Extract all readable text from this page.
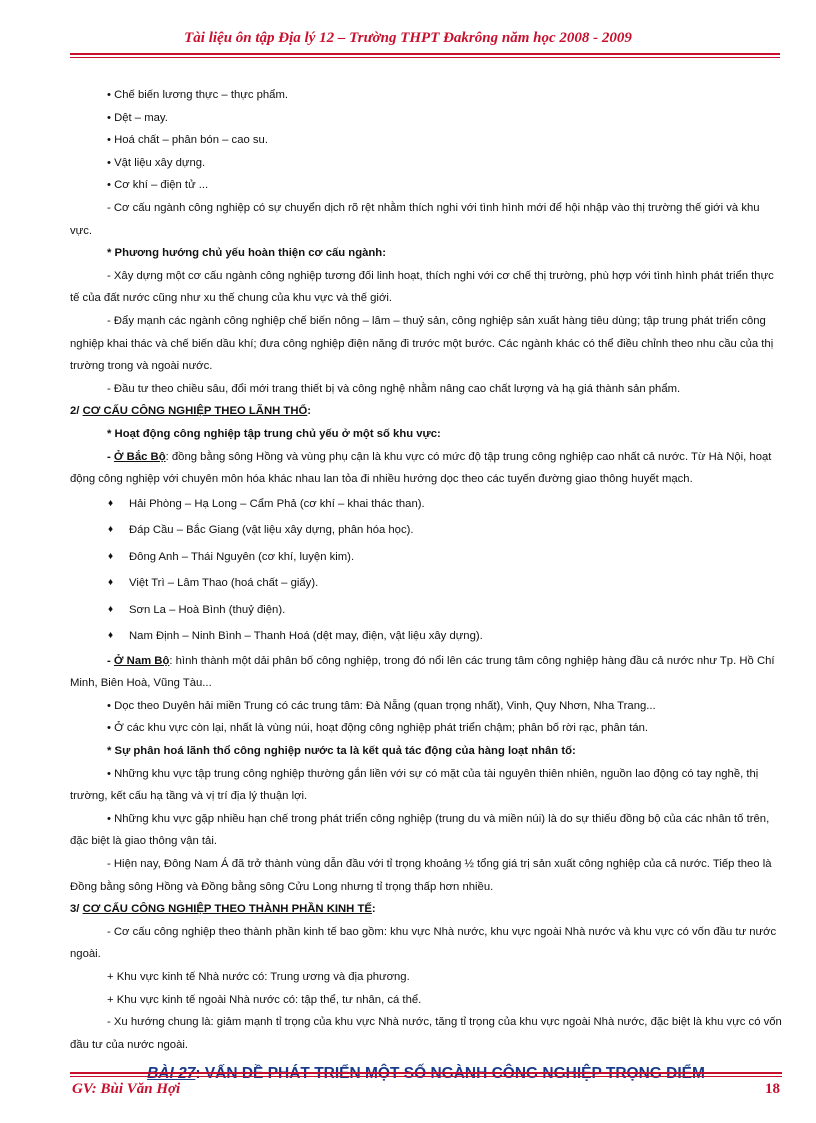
Tài liệu ôn tập Địa lý 12 – Trường THPT Đakrông năm học 2008 - 2009

• Chế biến lương thực – thực phẩm.

• Dệt – may.

• Hoá chất – phân bón – cao su.

• Vật liệu xây dựng.

• Cơ khí – điện tử ...

- Cơ cấu ngành công nghiệp có sự chuyển dịch rõ rệt nhằm thích nghi với tình hình mới để hội nhập vào thị trường thế giới và khu vực.

* Phương hướng chủ yếu hoàn thiện cơ cấu ngành:

- Xây dựng một cơ cấu ngành công nghiệp tương đối linh hoạt, thích nghi với cơ chế thị trường, phù hợp với tình hình phát triển thực tế của đất nước cũng như xu thế chung của khu vực và thế giới.

- Đẩy mạnh các ngành công nghiệp chế biến nông – lâm – thuỷ sản, công nghiệp sản xuất hàng tiêu dùng; tập trung phát triển công nghiệp khai thác và chế biến dầu khí; đưa công nghiệp điện năng đi trước một bước. Các ngành khác có thể điều chỉnh theo nhu cầu của thị trường trong và ngoài nước.

- Đầu tư theo chiều sâu, đổi mới trang thiết bị và công nghệ nhằm nâng cao chất lượng và hạ giá thành sản phẩm.

2/ CƠ CẤU CÔNG NGHIỆP THEO LÃNH THỔ:

* Hoạt động công nghiệp tập trung chủ yếu ở một số khu vực:

- Ở Bắc Bộ: đồng bằng sông Hồng và vùng phụ cận là khu vực có mức độ tập trung công nghiệp cao nhất cả nước. Từ Hà Nội, hoạt động công nghiệp với chuyên môn hóa khác nhau lan tỏa đi nhiều hướng dọc theo các tuyến đường giao thông huyết mạch.

♦ Hải Phòng – Hạ Long – Cẩm Phả (cơ khí – khai thác than).
♦ Đáp Cầu – Bắc Giang (vật liệu xây dựng, phân hóa học).
♦ Đông Anh – Thái Nguyên (cơ khí, luyện kim).
♦ Việt Trì – Lâm Thao (hoá chất – giấy).
♦ Sơn La – Hoà Bình (thuỷ điện).
♦ Nam Định – Ninh Bình – Thanh Hoá (dệt may, điện, vật liệu xây dựng).

- Ở Nam Bộ: hình thành một dải phân bố công nghiệp, trong đó nổi lên các trung tâm công nghiệp hàng đầu cả nước như Tp. Hồ Chí Minh, Biên Hoà, Vũng Tàu...

• Dọc theo Duyên hải miền Trung có các trung tâm: Đà Nẵng (quan trọng nhất), Vinh, Quy Nhơn, Nha Trang...

• Ở các khu vực còn lại, nhất là vùng núi, hoạt động công nghiệp phát triển chậm; phân bố rời rạc, phân tán.

* Sự phân hoá lãnh thổ công nghiệp nước ta là kết quả tác động của hàng loạt nhân tố:

• Những khu vực tập trung công nghiệp thường gắn liền với sự có mặt của tài nguyên thiên nhiên, nguồn lao động có tay nghề, thị trường, kết cấu hạ tầng và vị trí địa lý thuận lợi.

• Những khu vực gặp nhiều hạn chế trong phát triển công nghiệp (trung du và miền núi) là do sự thiếu đồng bộ của các nhân tố trên, đặc biệt là giao thông vận tải.

- Hiện nay, Đông Nam Á đã trở thành vùng dẫn đầu với tỉ trọng khoảng ½ tổng giá trị sản xuất công nghiệp của cả nước. Tiếp theo là Đồng bằng sông Hồng và Đồng bằng sông Cửu Long nhưng tỉ trọng thấp hơn nhiều.

3/ CƠ CẤU CÔNG NGHIỆP THEO THÀNH PHẦN KINH TẾ:

- Cơ cấu công nghiệp theo thành phần kinh tế bao gồm: khu vực Nhà nước, khu vực ngoài Nhà nước và khu vực có vốn đầu tư nước ngoài.

+ Khu vực kinh tế Nhà nước có: Trung ương và địa phương.

+ Khu vực kinh tế ngoài Nhà nước có: tập thể, tư nhân, cá thể.

- Xu hướng chung là: giảm mạnh tỉ trọng của khu vực Nhà nước, tăng tỉ trọng của khu vực ngoài Nhà nước, đặc biệt là khu vực có vốn đầu tư của nước ngoài.

BÀI 27: VẤN ĐỀ PHÁT TRIỂN MỘT SỐ NGÀNH CÔNG NGHIỆP TRỌNG ĐIỂM
GV: Bùi Văn Hợi	18
